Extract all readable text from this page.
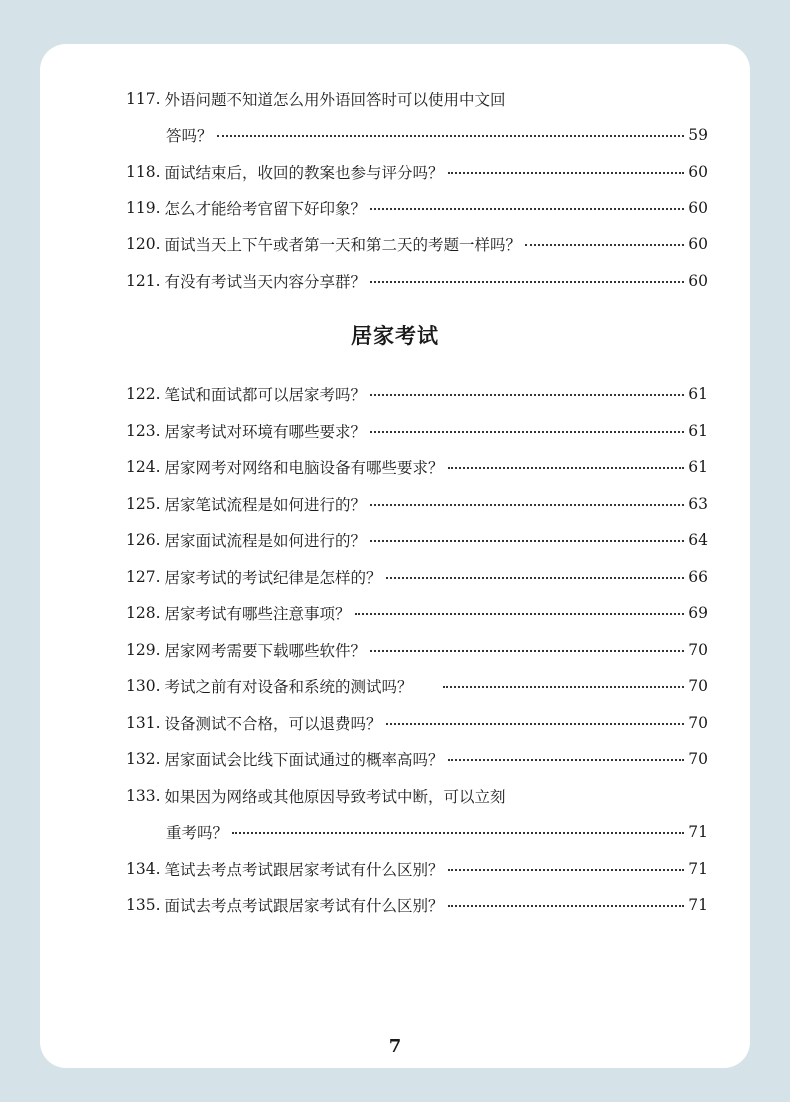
117. 外语问题不知道怎么用外语回答时可以使用中文回
答吗？	59
118. 面试结束后，收回的教案也参与评分吗？	60
119. 怎么才能给考官留下好印象？	60
120. 面试当天上下午或者第一天和第二天的考题一样吗？	60
121. 有没有考试当天内容分享群？	60
居家考试
122. 笔试和面试都可以居家考吗？	61
123. 居家考试对环境有哪些要求？	61
124. 居家网考对网络和电脑设备有哪些要求？	61
125. 居家笔试流程是如何进行的？	63
126. 居家面试流程是如何进行的？	64
127. 居家考试的考试纪律是怎样的？	66
128. 居家考试有哪些注意事项？	69
129. 居家网考需要下载哪些软件？	70
130. 考试之前有对设备和系统的测试吗？	70
131. 设备测试不合格，可以退费吗？	70
132. 居家面试会比线下面试通过的概率高吗？	70
133. 如果因为网络或其他原因导致考试中断，可以立刻
重考吗？	71
134. 笔试去考点考试跟居家考试有什么区别？	71
135. 面试去考点考试跟居家考试有什么区别？	71
7
